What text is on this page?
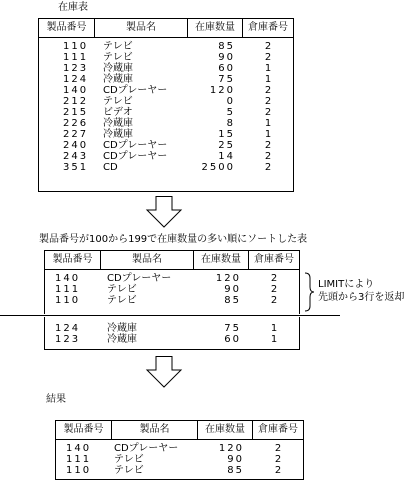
在庫表
製品番号	製品名	在庫数量	倉庫番号
110 テレビ	85	2
111 テレビ	90	2
123 冷蔵庫	60	1
124 冷蔵庫	75	1
140 CDプレーヤー	120	2
212 テレビ	0	2
215 ビデオ	5	2
226 冷蔵庫	8	1
227 冷蔵庫	15	1
240 CDプレーヤー	25	2
243 CDプレーヤー	14	2
351 CD	2500	2
製品番号が100から199で在庫数量の多い順にソートした表
製品番号	製品名	在庫数量	倉庫番号
140	CDプレーヤー	120	2
111	テレビ	90	2
110	テレビ	85	2
124	冷蔵庫	75	1
123	冷蔵庫	60	1
LIMITにより
先頭から3行を返却
結果
製品番号	製品名	在庫数量	倉庫番号
140 CDプレーヤー	120	2
111 テレビ	90	2
110 テレビ	85	2
